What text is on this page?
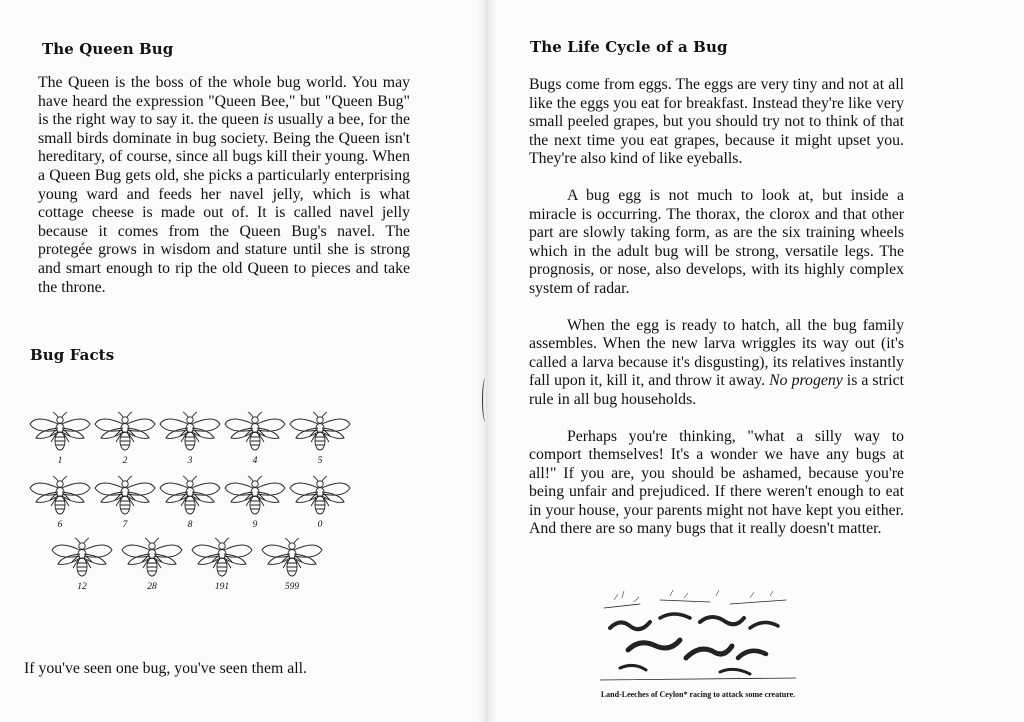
The Queen Bug

The Queen is the boss of the whole bug world. You may have heard the expression "Queen Bee," but "Queen Bug" is the right way to say it. the queen is usually a bee, for the small birds dominate in bug society. Being the Queen isn't hereditary, of course, since all bugs kill their young. When a Queen Bug gets old, she picks a particularly enterprising young ward and feeds her navel jelly, which is what cottage cheese is made out of. It is called navel jelly because it comes from the Queen Bug's navel. The protegée grows in wisdom and stature until she is strong and smart enough to rip the old Queen to pieces and take the throne.

Bug Facts
1	2	3	4	5
6	7	8	9	0
12	28	191	599
If you've seen one bug, you've seen them all.
The Life Cycle of a Bug

Bugs come from eggs. The eggs are very tiny and not at all like the eggs you eat for breakfast. Instead they're like very small peeled grapes, but you should try not to think of that the next time you eat grapes, because it might upset you. They're also kind of like eyeballs.

A bug egg is not much to look at, but inside a miracle is occurring. The thorax, the clorox and that other part are slowly taking form, as are the six training wheels which in the adult bug will be strong, versatile legs. The prognosis, or nose, also develops, with its highly complex system of radar.

When the egg is ready to hatch, all the bug family assembles. When the new larva wriggles its way out (it's called a larva because it's disgusting), its relatives instantly fall upon it, kill it, and throw it away. No progeny is a strict rule in all bug households.

Perhaps you're thinking, "what a silly way to comport themselves! It's a wonder we have any bugs at all!" If you are, you should be ashamed, because you're being unfair and prejudiced. If there weren't enough to eat in your house, your parents might not have kept you either. And there are so many bugs that it really doesn't matter.

Land-Leeches of Ceylon* racing to attack some creature.
